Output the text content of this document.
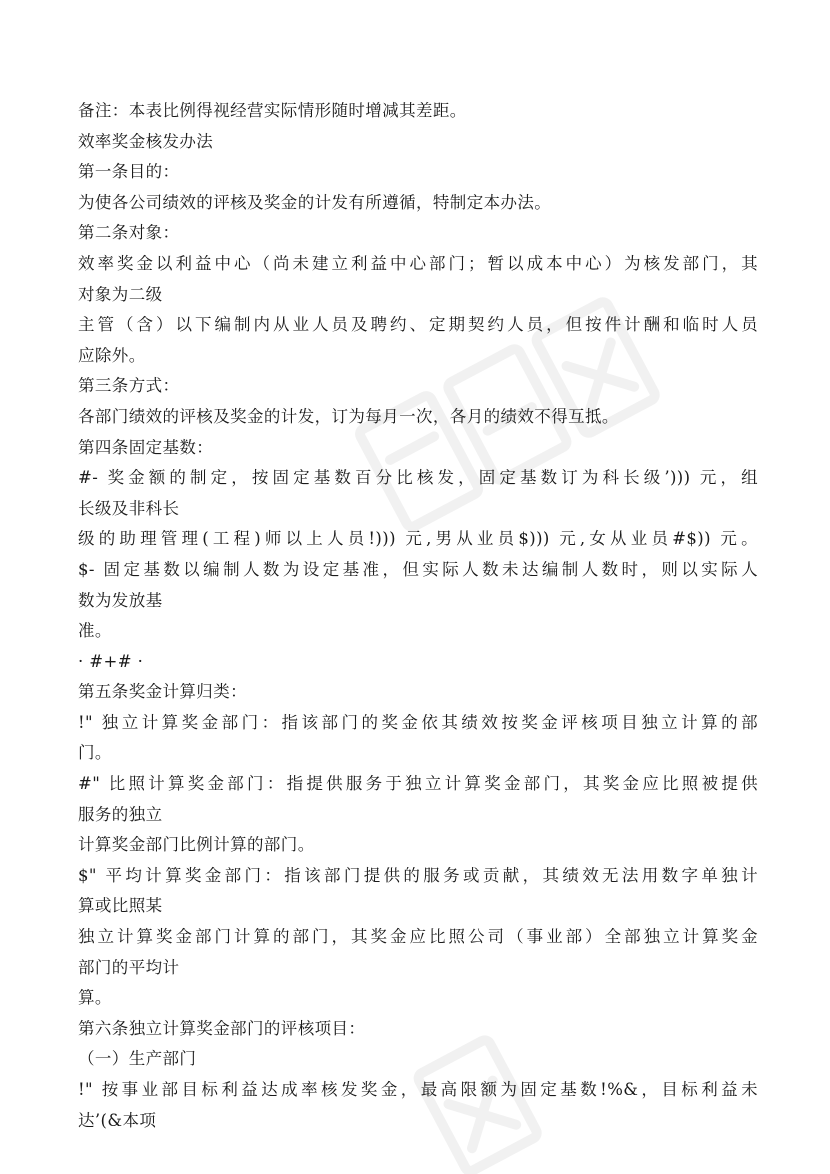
备注：本表比例得视经营实际情形随时增减其差距。
效率奖金核发办法
第一条目的：
为使各公司绩效的评核及奖金的计发有所遵循，特制定本办法。
第二条对象：
效率奖金以利益中心（尚未建立利益中心部门；暂以成本中心）为核发部门，其
对象为二级
主管（含）以下编制内从业人员及聘约、定期契约人员，但按件计酬和临时人员
应除外。
第三条方式：
各部门绩效的评核及奖金的计发，订为每月一次，各月的绩效不得互抵。
第四条固定基数：
#- 奖金额的制定，按固定基数百分比核发，固定基数订为科长级’))) 元，组
长级及非科长
级的助理管理(工程)师以上人员!))) 元,男从业员$))) 元,女从业员#$)) 元。
$- 固定基数以编制人数为设定基准，但实际人数未达编制人数时，则以实际人
数为发放基
准。
· #+# ·
第五条奖金计算归类：
!" 独立计算奖金部门：指该部门的奖金依其绩效按奖金评核项目独立计算的部
门。
#" 比照计算奖金部门：指提供服务于独立计算奖金部门，其奖金应比照被提供
服务的独立
计算奖金部门比例计算的部门。
$" 平均计算奖金部门：指该部门提供的服务或贡献，其绩效无法用数字单独计
算或比照某
独立计算奖金部门计算的部门，其奖金应比照公司（事业部）全部独立计算奖金
部门的平均计
算。
第六条独立计算奖金部门的评核项目：
（一）生产部门
!" 按事业部目标利益达成率核发奖金，最高限额为固定基数!%&，目标利益未
达’(&本项
